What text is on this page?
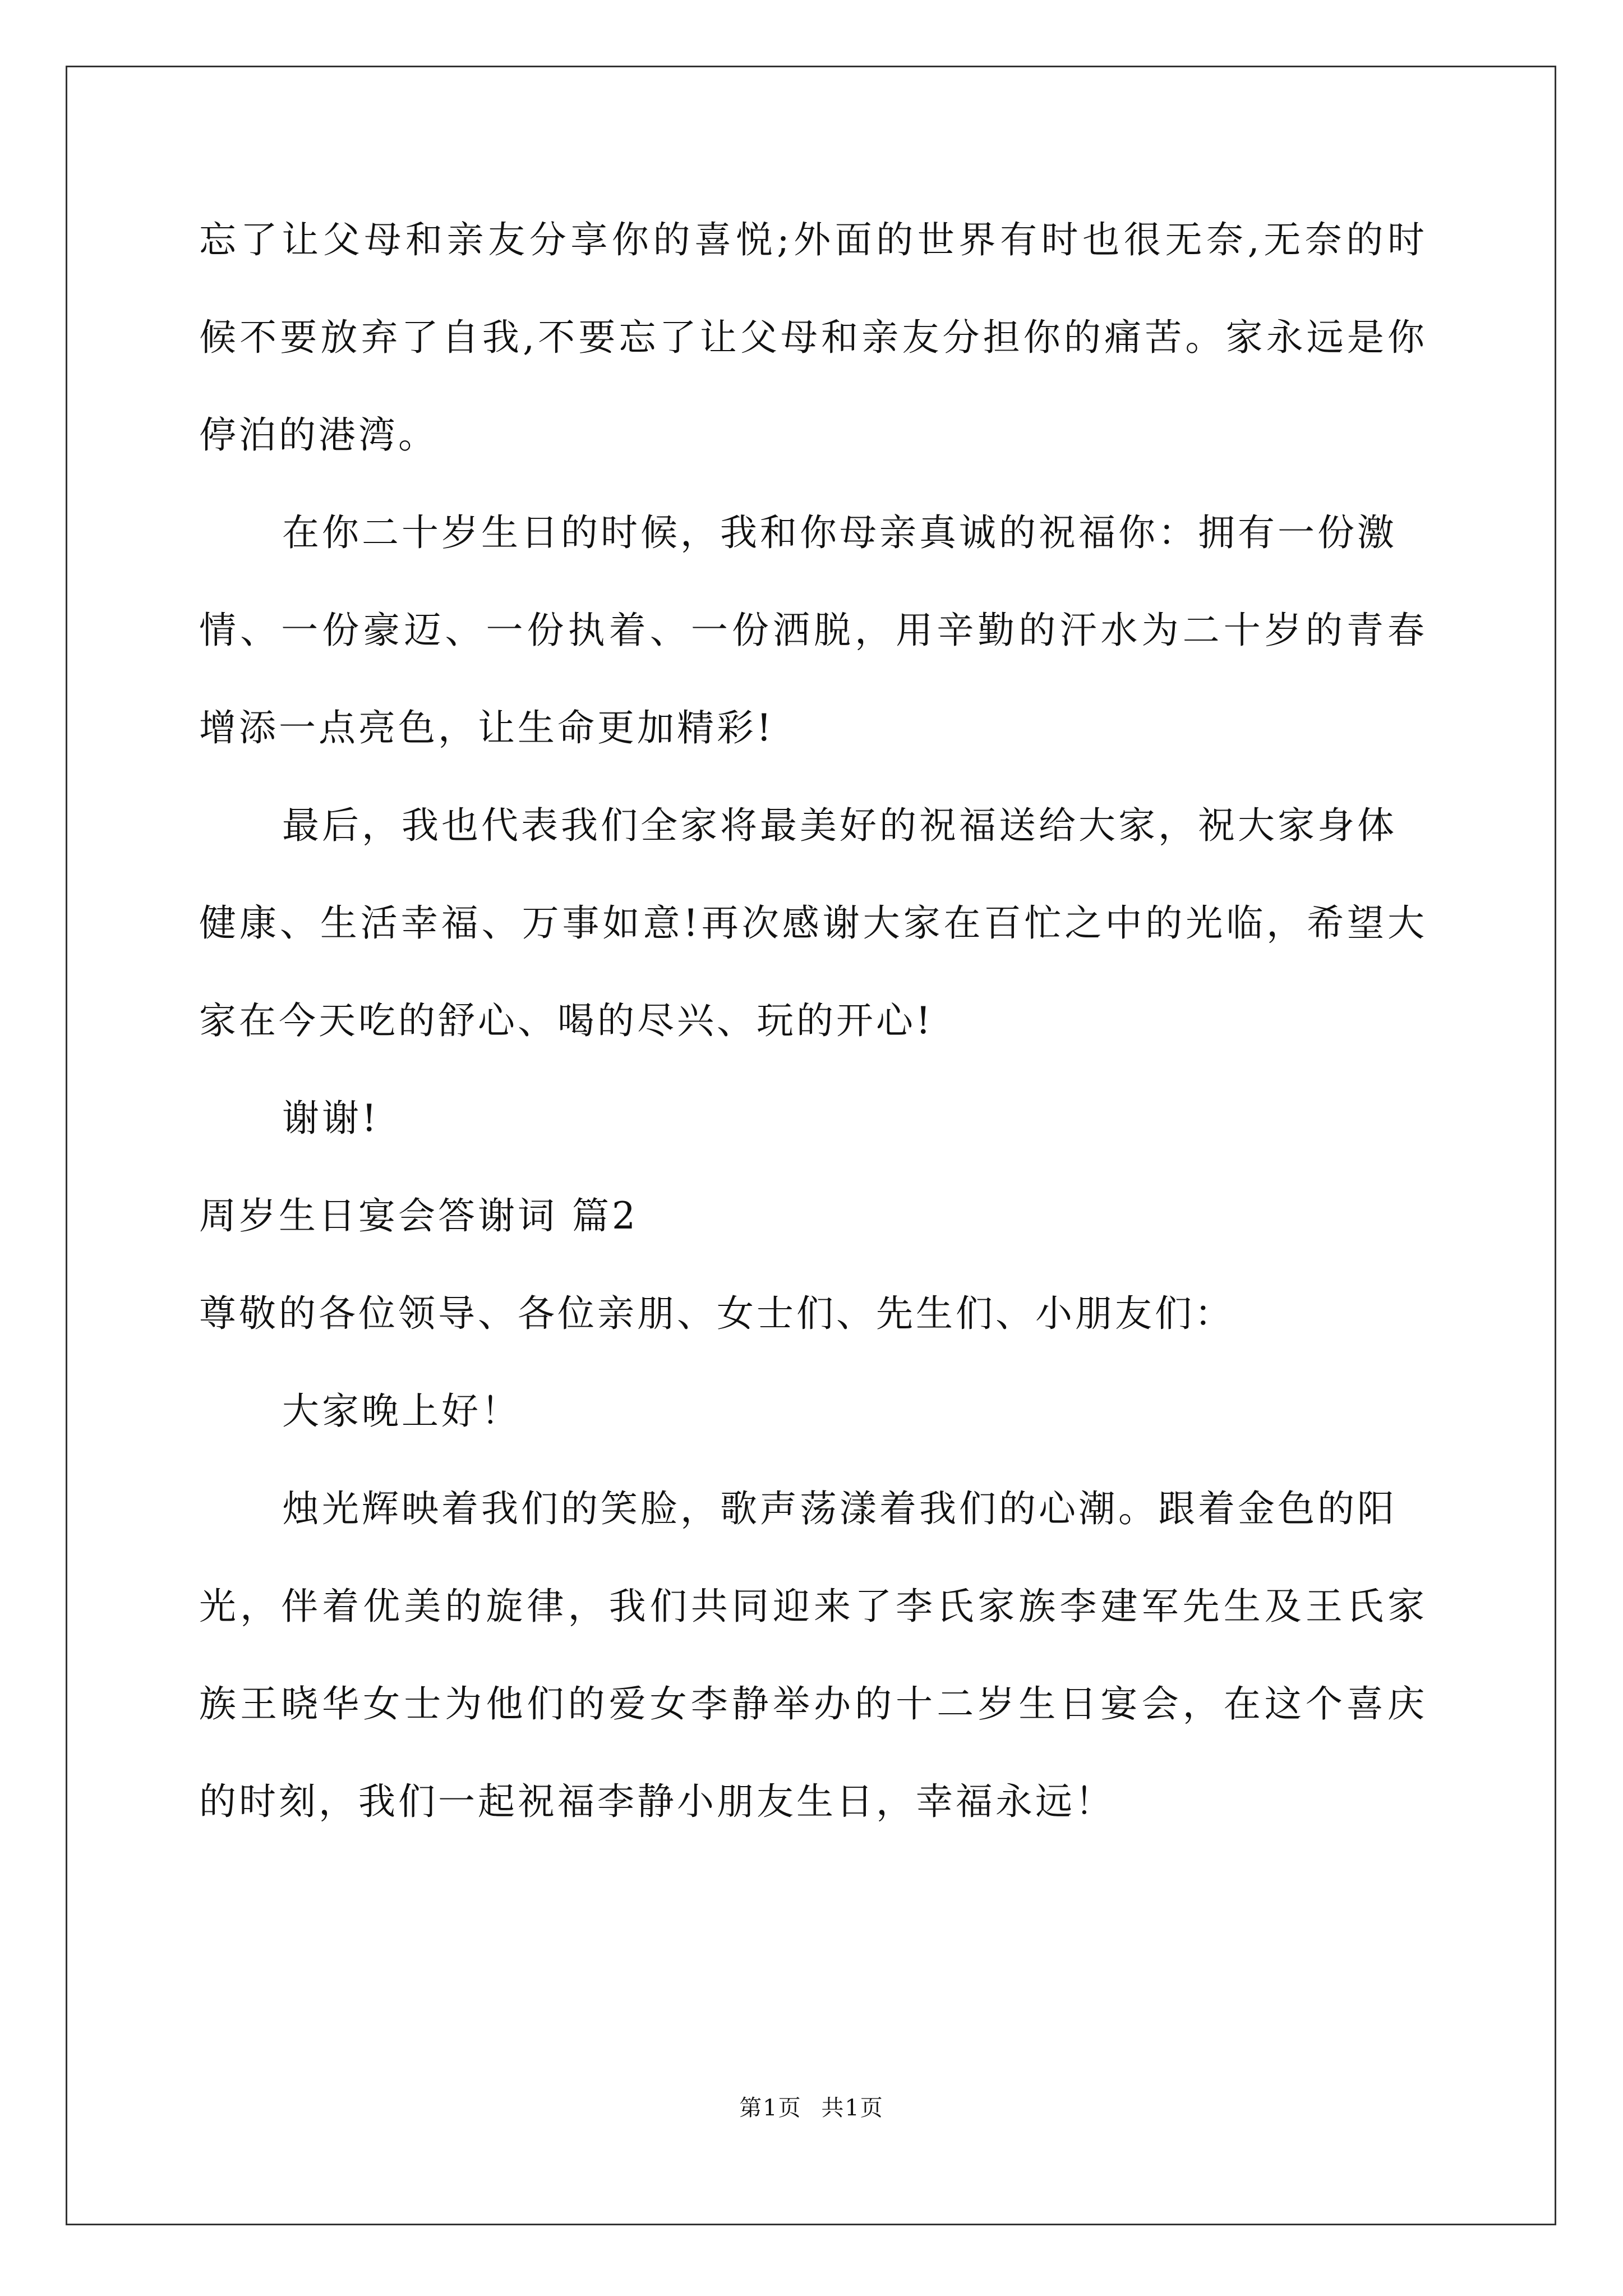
忘了让父母和亲友分享你的喜悦;外面的世界有时也很无奈,无奈的时

候不要放弃了自我,不要忘了让父母和亲友分担你的痛苦。家永远是你

停泊的港湾。

在你二十岁生日的时候，我和你母亲真诚的祝福你：拥有一份激

情、一份豪迈、一份执着、一份洒脱，用辛勤的汗水为二十岁的青春

增添一点亮色，让生命更加精彩!

最后，我也代表我们全家将最美好的祝福送给大家，祝大家身体

健康、生活幸福、万事如意!再次感谢大家在百忙之中的光临，希望大

家在今天吃的舒心、喝的尽兴、玩的开心!

谢谢!

周岁生日宴会答谢词 篇2

尊敬的各位领导、各位亲朋、女士们、先生们、小朋友们：

大家晚上好！

烛光辉映着我们的笑脸，歌声荡漾着我们的心潮。跟着金色的阳

光，伴着优美的旋律，我们共同迎来了李氏家族李建军先生及王氏家

族王晓华女士为他们的爱女李静举办的十二岁生日宴会，在这个喜庆

的时刻，我们一起祝福李静小朋友生日，幸福永远！

第1页 共1页
